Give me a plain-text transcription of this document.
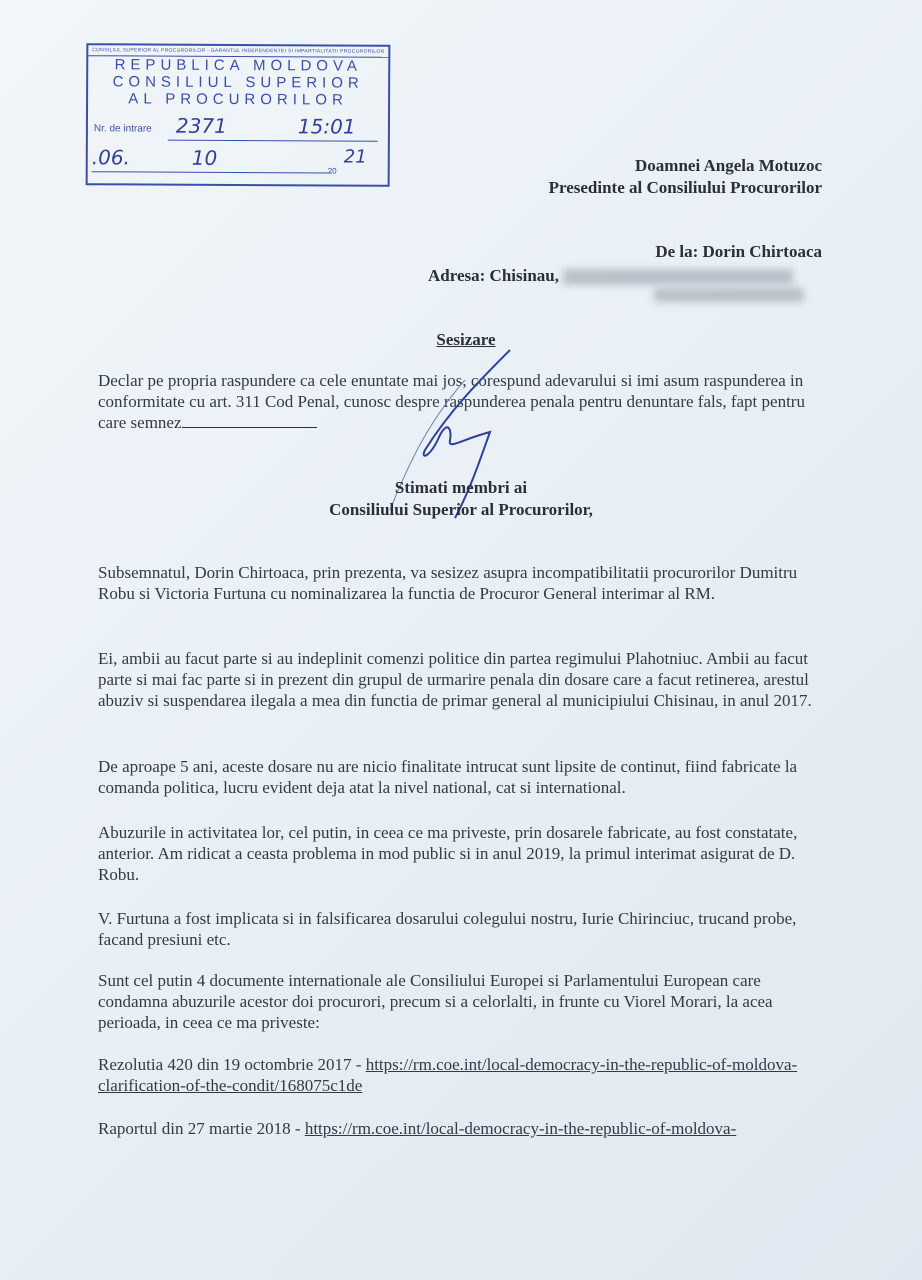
CONSILIUL SUPERIOR AL PROCURORILOR - GARANTUL INDEPENDENTEI SI IMPARTIALITATII PROCURORILOR
REPUBLICA MOLDOVA
CONSILIUL SUPERIOR
AL PROCURORILOR
Nr. de intrare 2371	15:01
.06.	10
20
21	Doamnei Angela Motuzoc
Presedinte al Consiliului Procurorilor
De la: Dorin Chirtoaca
Adresa: Chisinau,
Sesizare
Declar pe propria raspundere ca cele enuntate mai jos, corespund adevarului si imi asum raspunderea in conformitate cu art. 311 Cod Penal, cunosc despre raspunderea penala pentru denuntare fals, fapt pentru care semnez
Stimati membri ai
Consiliului Superior al Procurorilor,
Subsemnatul, Dorin Chirtoaca, prin prezenta, va sesizez asupra incompatibilitatii procurorilor Dumitru Robu si Victoria Furtuna cu nominalizarea la functia de Procuror General interimar al RM.
Ei, ambii au facut parte si au indeplinit comenzi politice din partea regimului Plahotniuc. Ambii au facut parte si mai fac parte si in prezent din grupul de urmarire penala din dosare care a facut retinerea, arestul abuziv si suspendarea ilegala a mea din functia de primar general al municipiului Chisinau, in anul 2017.
De aproape 5 ani, aceste dosare nu are nicio finalitate intrucat sunt lipsite de continut, fiind fabricate la comanda politica, lucru evident deja atat la nivel national, cat si international.
Abuzurile in activitatea lor, cel putin, in ceea ce ma priveste, prin dosarele fabricate, au fost constatate, anterior. Am ridicat a ceasta problema in mod public si in anul 2019, la primul interimat asigurat de D. Robu.
V. Furtuna a fost implicata si in falsificarea dosarului colegului nostru, Iurie Chirinciuc, trucand probe, facand presiuni etc.
Sunt cel putin 4 documente internationale ale Consiliului Europei si Parlamentului European care condamna abuzurile acestor doi procurori, precum si a celorlalti, in frunte cu Viorel Morari, la acea perioada, in ceea ce ma priveste:
Rezolutia 420 din 19 octombrie 2017 - https://rm.coe.int/local-democracy-in-the-republic-of-moldova-clarification-of-the-condit/168075c1de
Raportul din 27 martie 2018 - https://rm.coe.int/local-democracy-in-the-republic-of-moldova-
